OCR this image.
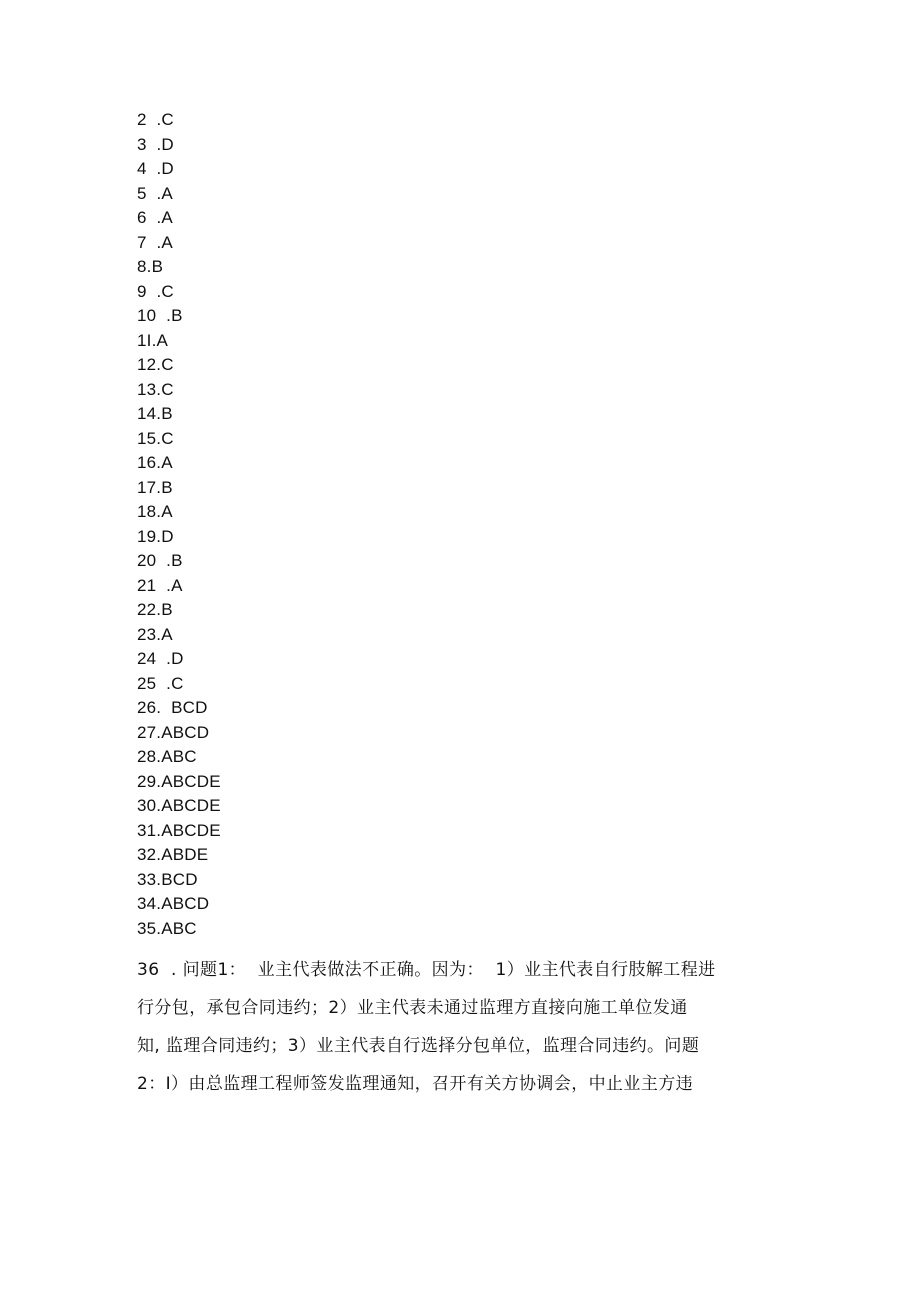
2  .C
3  .D
4  .D
5  .A
6  .A
7  .A
8.B
9  .C
10  .B
1I.A
12.C
13.C
14.B
15.C
16.A
17.B
18.A
19.D
20  .B
21  .A
22.B
23.A
24  .D
25  .C
26.  BCD
27.ABCD
28.ABC
29.ABCDE
30.ABCDE
31.ABCDE
32.ABDE
33.BCD
34.ABCD
35.ABC

36  . 问题1：  业主代表做法不正确。因为：  1）业主代表自行肢解工程进
行分包，承包合同违约；2）业主代表未通过监理方直接向施工单位发通
知, 监理合同违约；3）业主代表自行选择分包单位，监理合同违约。问题
2：I）由总监理工程师签发监理通知，召开有关方协调会，中止业主方违
